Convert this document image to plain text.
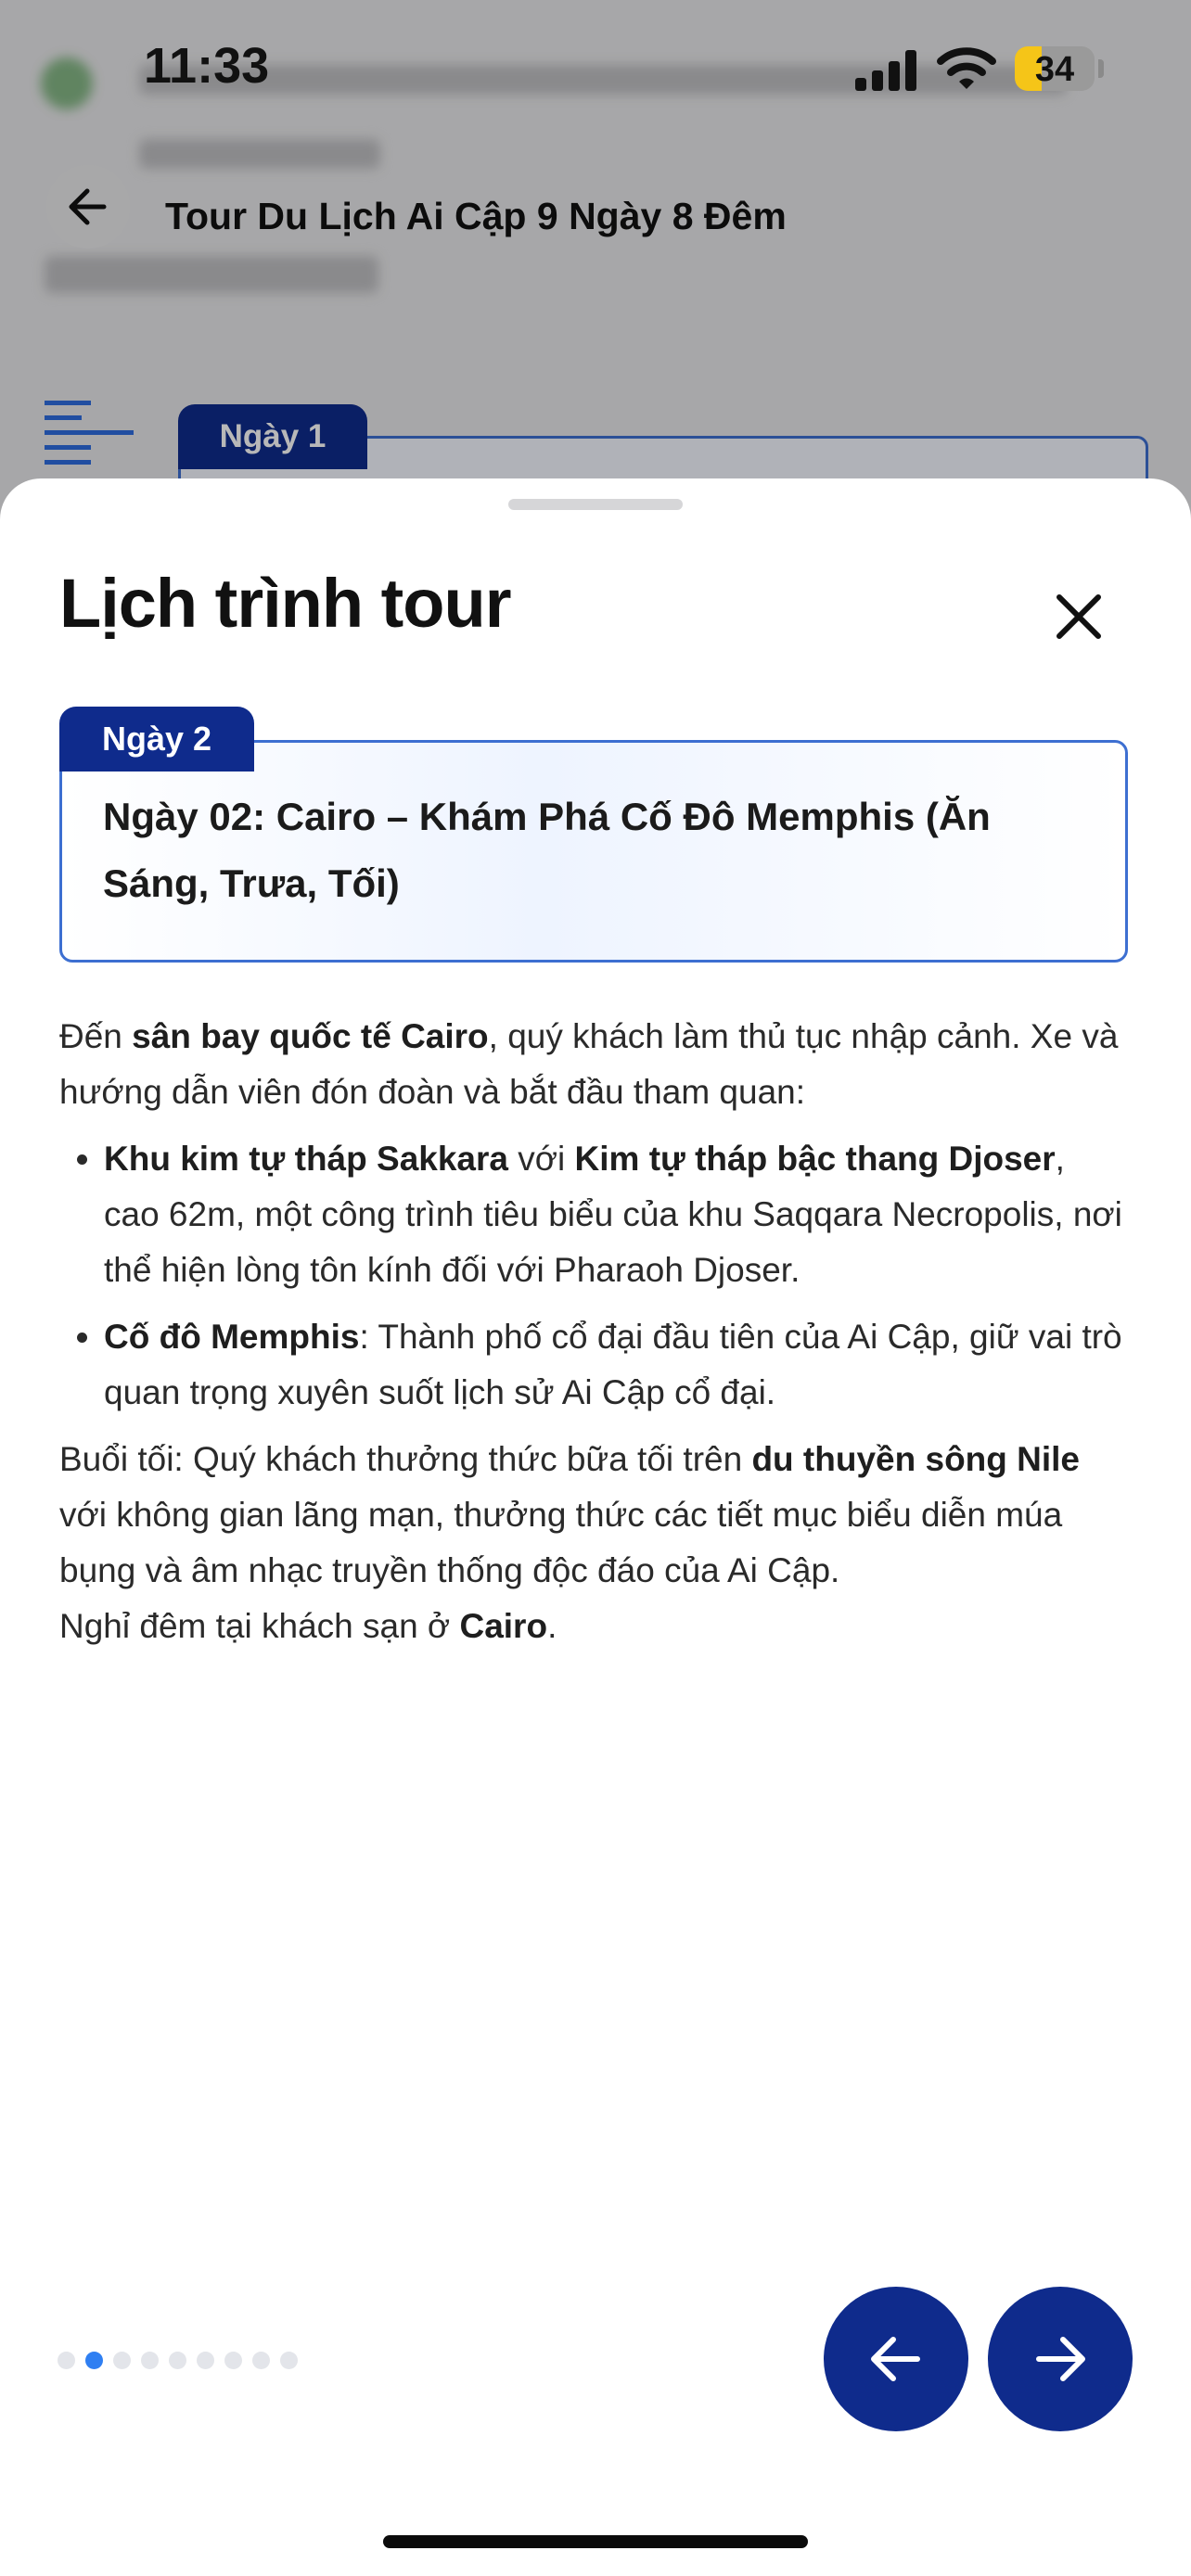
Tour Du Lịch Ai Cập 9 Ngày 8 Đêm
Ngày 1
11:33	34
Lịch trình tour
Ngày 02: Cairo – Khám Phá Cố Đô Memphis (Ăn Sáng, Trưa, Tối)
Ngày 2

Đến sân bay quốc tế Cairo, quý khách làm thủ tục nhập cảnh. Xe và hướng dẫn viên đón đoàn và bắt đầu tham quan:

• Khu kim tự tháp Sakkara với Kim tự tháp bậc thang Djoser, cao 62m, một công trình tiêu biểu của khu Saqqara Necropolis, nơi thể hiện lòng tôn kính đối với Pharaoh Djoser.
• Cố đô Memphis: Thành phố cổ đại đầu tiên của Ai Cập, giữ vai trò quan trọng xuyên suốt lịch sử Ai Cập cổ đại.

Buổi tối: Quý khách thưởng thức bữa tối trên du thuyền sông Nile với không gian lãng mạn, thưởng thức các tiết mục biểu diễn múa bụng và âm nhạc truyền thống độc đáo của Ai Cập.

Nghỉ đêm tại khách sạn ở Cairo.
